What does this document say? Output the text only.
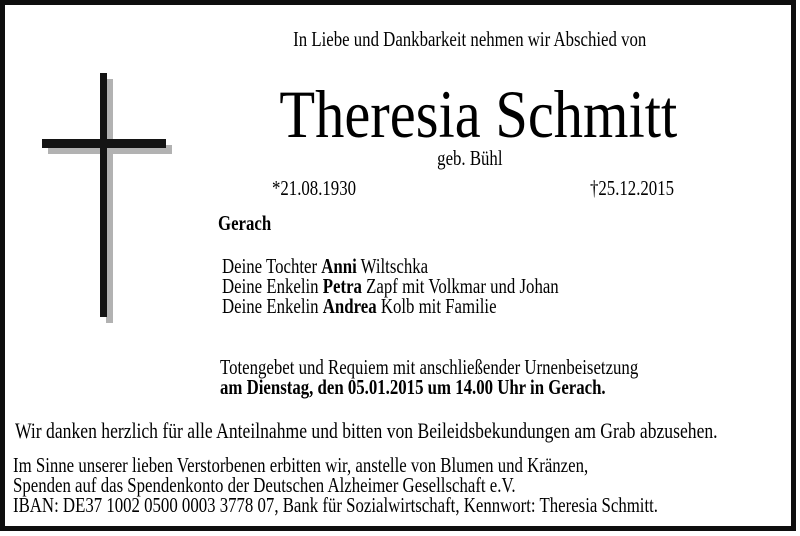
In Liebe und Dankbarkeit nehmen wir Abschied von
Theresia Schmitt
geb. Bühl
*21.08.1930	†25.12.2015
Gerach
Deine Tochter Anni Wiltschka
Deine Enkelin Petra Zapf mit Volkmar und Johan
Deine Enkelin Andrea Kolb mit Familie
Totengebet und Requiem mit anschließender Urnenbeisetzung
am Dienstag, den 05.01.2015 um 14.00 Uhr in Gerach.
Wir danken herzlich für alle Anteilnahme und bitten von Beileidsbekundungen am Grab abzusehen.
Im Sinne unserer lieben Verstorbenen erbitten wir, anstelle von Blumen und Kränzen,
Spenden auf das Spendenkonto der Deutschen Alzheimer Gesellschaft e.V.
IBAN: DE37 1002 0500 0003 3778 07, Bank für Sozialwirtschaft, Kennwort: Theresia Schmitt.
